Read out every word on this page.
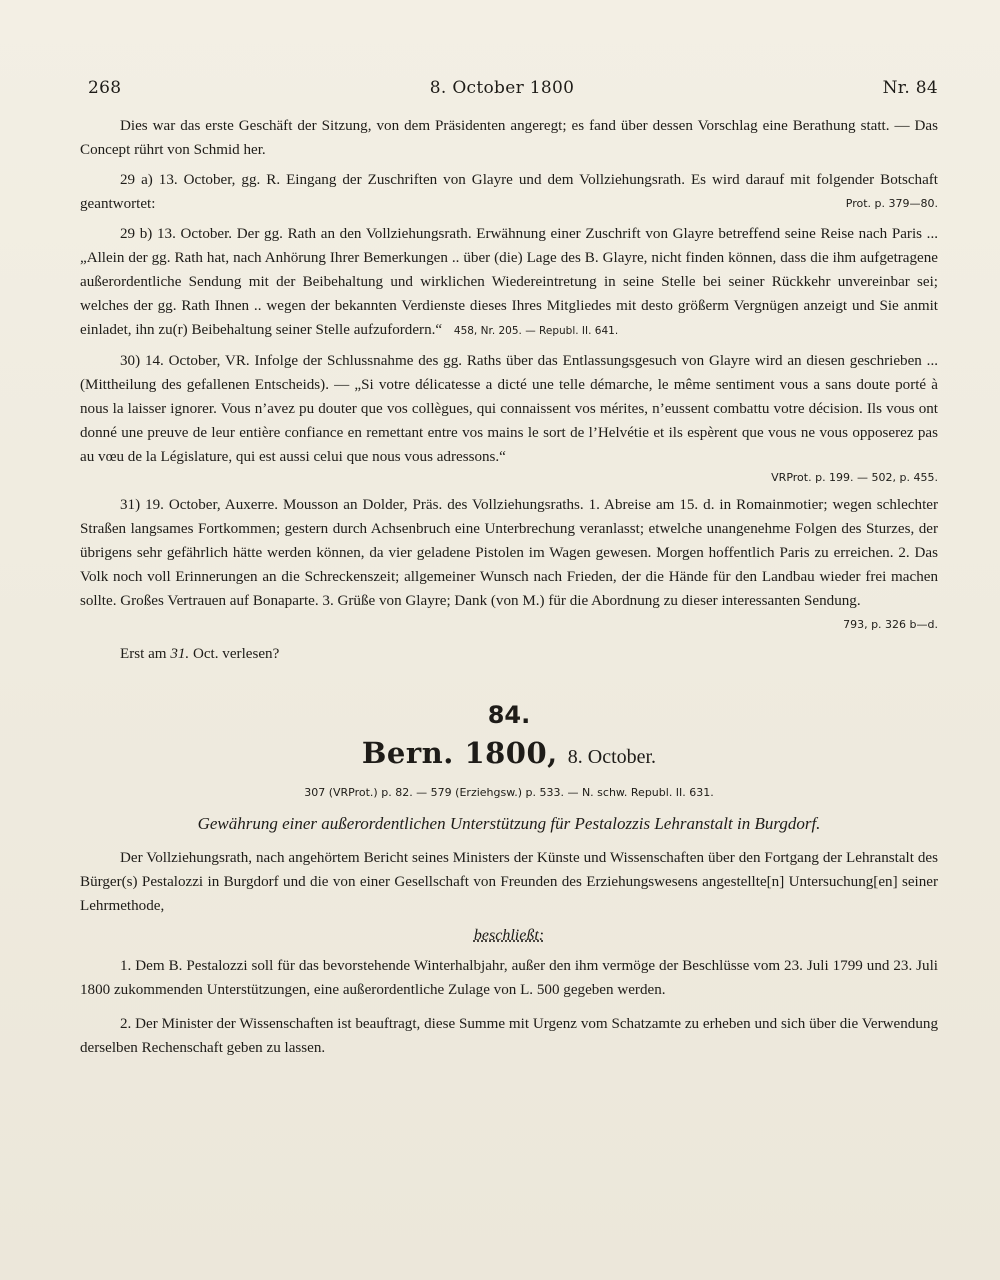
268	8. October 1800	Nr. 84

Dies war das erste Geschäft der Sitzung, von dem Präsidenten angeregt; es fand über dessen Vorschlag eine Berathung statt. — Das Concept rührt von Schmid her.

29 a) 13. October, gg. R. Eingang der Zuschriften von Glayre und dem Vollziehungsrath. Es wird darauf mit folgender Botschaft geantwortet:	Prot. p. 379—80.

29 b) 13. October. Der gg. Rath an den Vollziehungsrath. Erwähnung einer Zuschrift von Glayre betreffend seine Reise nach Paris ... „Allein der gg. Rath hat, nach Anhörung Ihrer Bemerkungen .. über (die) Lage des B. Glayre, nicht finden können, dass die ihm aufgetragene außerordentliche Sendung mit der Beibehaltung und wirklichen Wiedereintretung in seine Stelle bei seiner Rückkehr unvereinbar sei; welches der gg. Rath Ihnen .. wegen der bekannten Verdienste dieses Ihres Mitgliedes mit desto größerm Vergnügen anzeigt und Sie anmit einladet, ihn zu(r) Beibehaltung seiner Stelle aufzufordern.“ 458, Nr. 205. — Republ. II. 641.

30) 14. October, VR. Infolge der Schlussnahme des gg. Raths über das Entlassungsgesuch von Glayre wird an diesen geschrieben ... (Mittheilung des gefallenen Entscheids). — „Si votre délicatesse a dicté une telle démarche, le même sentiment vous a sans doute porté à nous la laisser ignorer. Vous n’avez pu douter que vos collègues, qui connaissent vos mérites, n’eussent combattu votre décision. Ils vous ont donné une preuve de leur entière confiance en remettant entre vos mains le sort de l’Helvétie et ils espèrent que vous ne vous opposerez pas au vœu de la Législature, qui est aussi celui que nous vous adressons.“

VRProt. p. 199. — 502, p. 455.

31) 19. October, Auxerre. Mousson an Dolder, Präs. des Vollziehungsraths. 1. Abreise am 15. d. in Romainmotier; wegen schlechter Straßen langsames Fortkommen; gestern durch Achsenbruch eine Unterbrechung veranlasst; etwelche unangenehme Folgen des Sturzes, der übrigens sehr gefährlich hätte werden können, da vier geladene Pistolen im Wagen gewesen. Morgen hoffentlich Paris zu erreichen. 2. Das Volk noch voll Erinnerungen an die Schreckenszeit; allgemeiner Wunsch nach Frieden, der die Hände für den Landbau wieder frei machen sollte. Großes Vertrauen auf Bonaparte. 3. Grüße von Glayre; Dank (von M.) für die Abordnung zu dieser interessanten Sendung.
793, p. 326 b—d.

Erst am 31. Oct. verlesen?

84.
Bern. 1800, 8. October.
307 (VRProt.) p. 82. — 579 (Erziehgsw.) p. 533. — N. schw. Republ. II. 631.
Gewährung einer außerordentlichen Unterstützung für Pestalozzis Lehranstalt in Burgdorf.

Der Vollziehungsrath, nach angehörtem Bericht seines Ministers der Künste und Wissenschaften über den Fortgang der Lehranstalt des Bürger(s) Pestalozzi in Burgdorf und die von einer Gesellschaft von Freunden des Erziehungswesens angestellte[n] Untersuchung[en] seiner Lehrmethode,

beschließt:

1. Dem B. Pestalozzi soll für das bevorstehende Winterhalbjahr, außer den ihm vermöge der Beschlüsse vom 23. Juli 1799 und 23. Juli 1800 zukommenden Unterstützungen, eine außerordentliche Zulage von L. 500 gegeben werden.

2. Der Minister der Wissenschaften ist beauftragt, diese Summe mit Urgenz vom Schatzamte zu erheben und sich über die Verwendung derselben Rechenschaft geben zu lassen.
